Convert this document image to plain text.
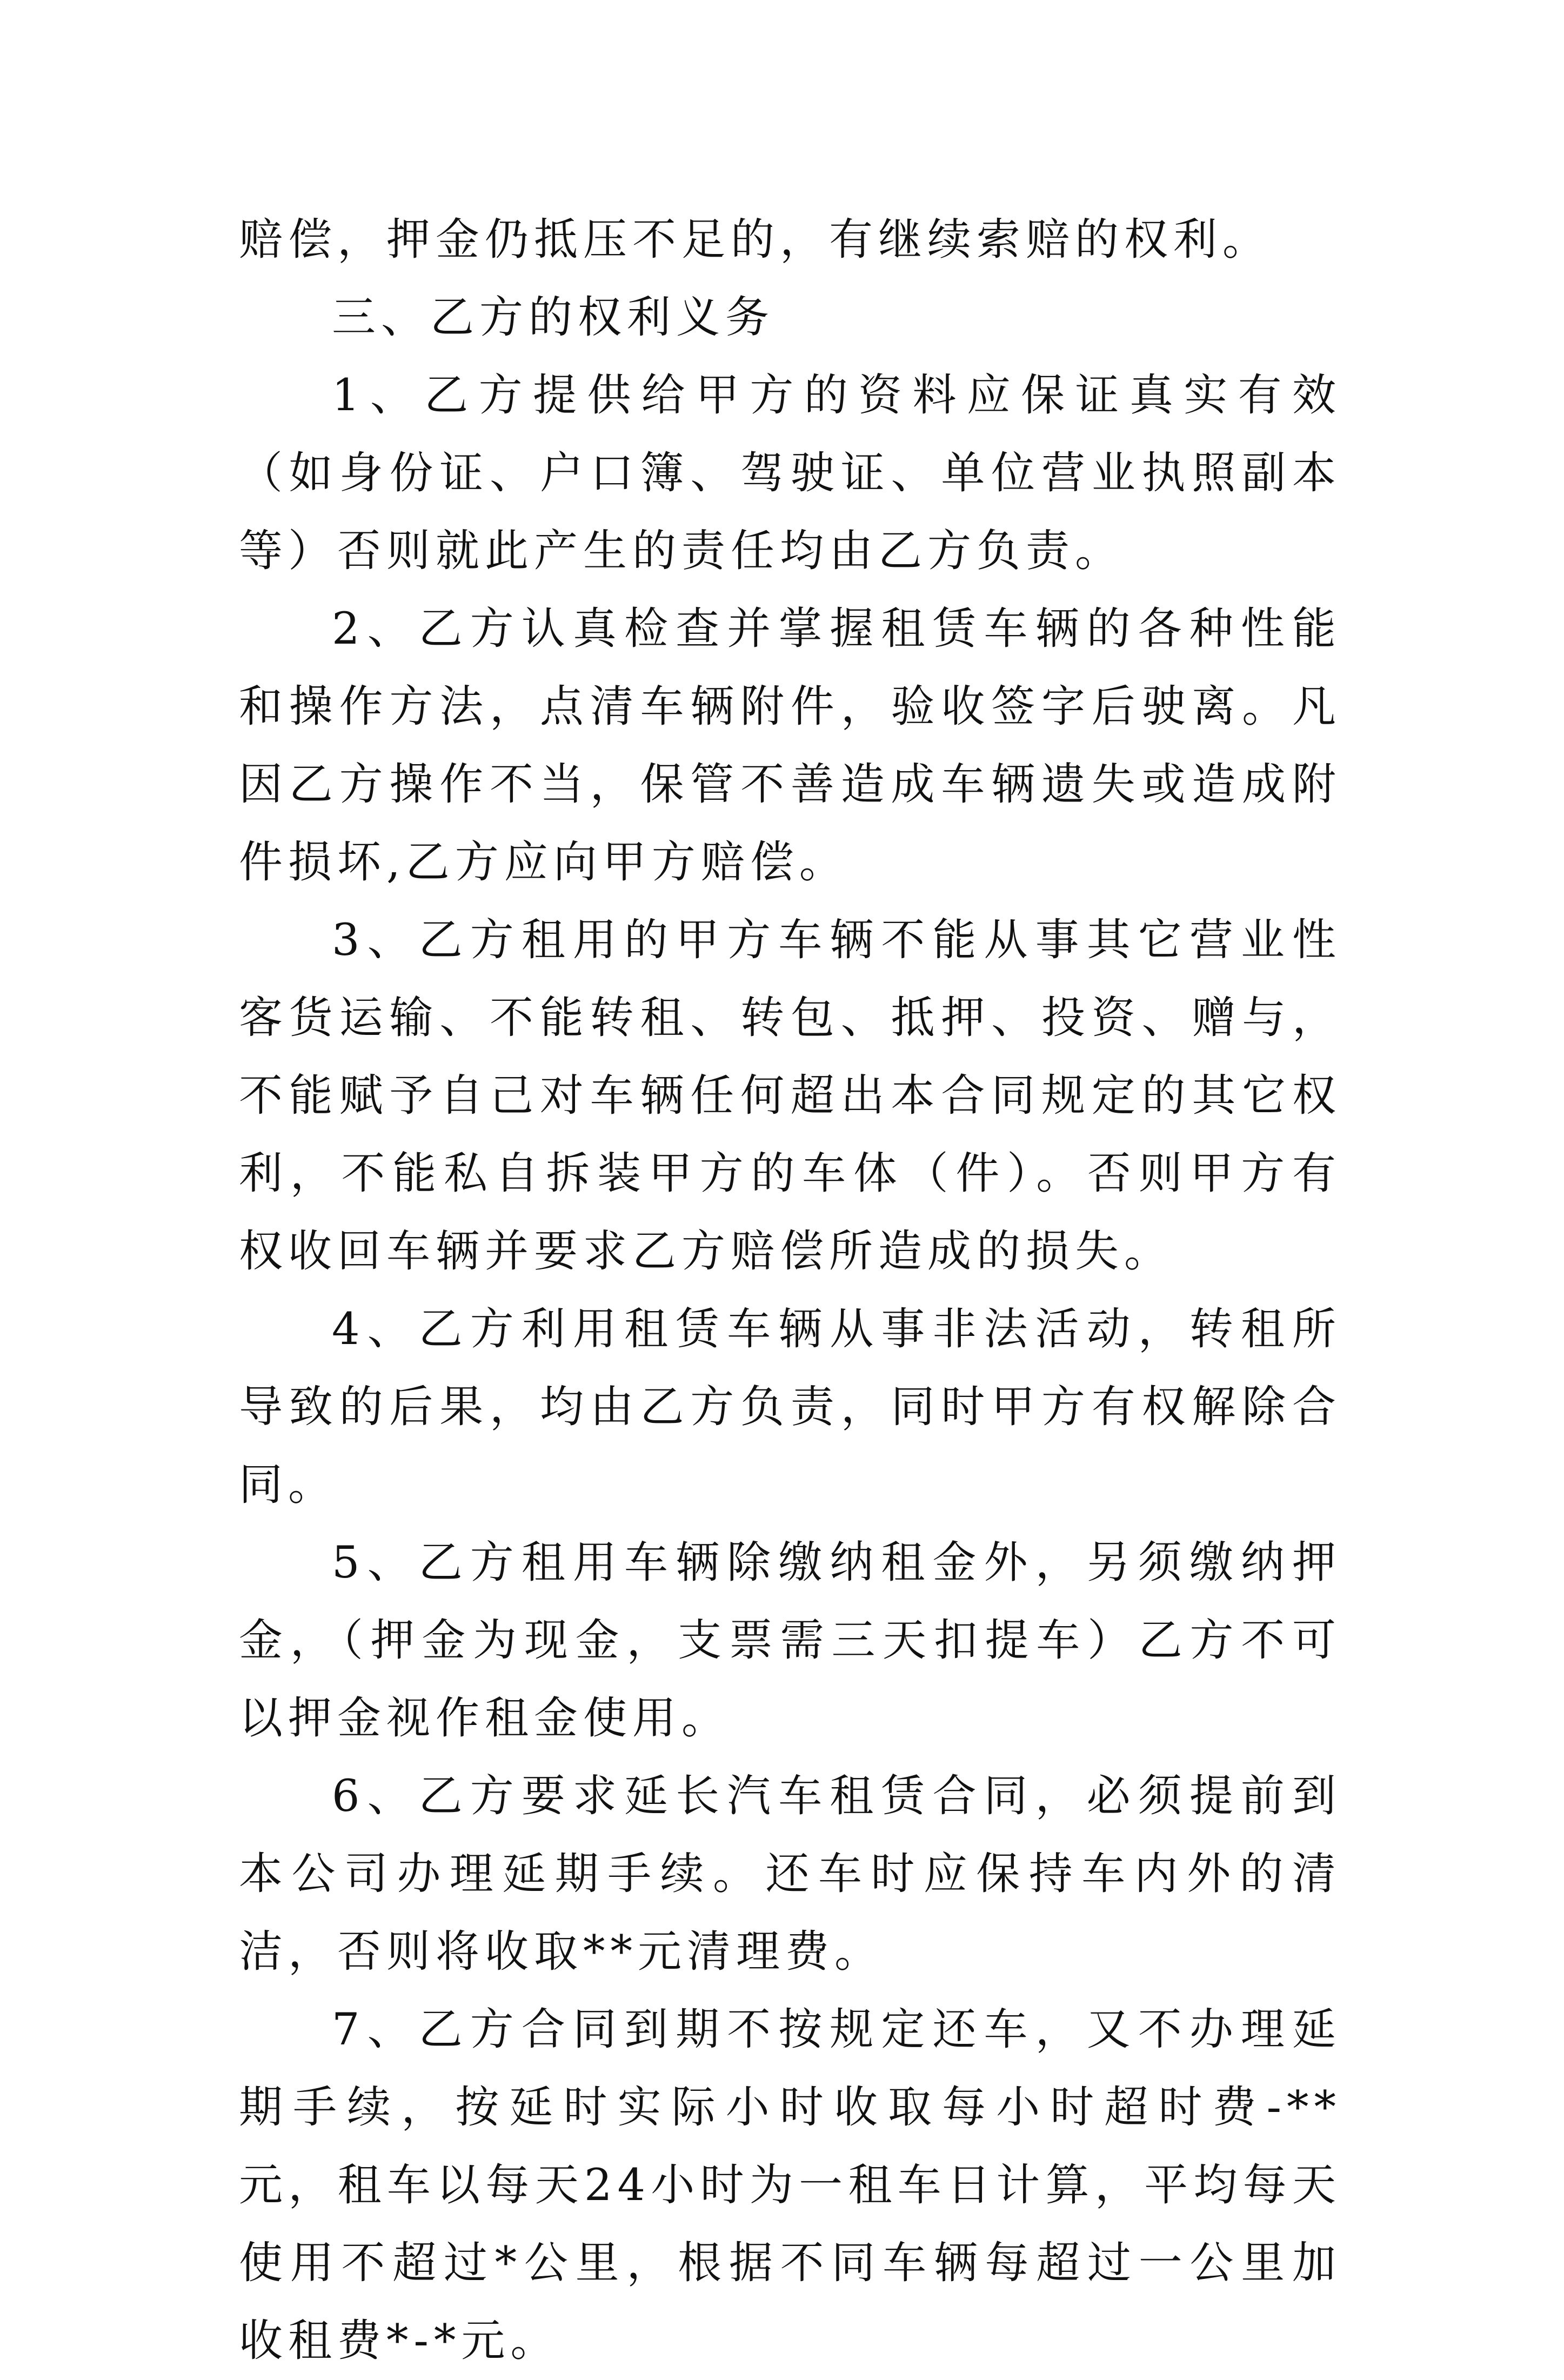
赔偿，押金仍抵压不足的，有继续索赔的权利。

三、乙方的权利义务

1、乙方提供给甲方的资料应保证真实有效（如身份证、户口簿、驾驶证、单位营业执照副本等）否则就此产生的责任均由乙方负责。

2、乙方认真检查并掌握租赁车辆的各种性能和操作方法，点清车辆附件，验收签字后驶离。凡因乙方操作不当，保管不善造成车辆遗失或造成附件损坏,乙方应向甲方赔偿。

3、乙方租用的甲方车辆不能从事其它营业性客货运输、不能转租、转包、抵押、投资、赠与，不能赋予自己对车辆任何超出本合同规定的其它权利，不能私自拆装甲方的车体（件）。否则甲方有权收回车辆并要求乙方赔偿所造成的损失。

4、乙方利用租赁车辆从事非法活动，转租所导致的后果，均由乙方负责，同时甲方有权解除合同。

5、乙方租用车辆除缴纳租金外，另须缴纳押金，（押金为现金，支票需三天扣提车）乙方不可以押金视作租金使用。

6、乙方要求延长汽车租赁合同，必须提前到本公司办理延期手续。还车时应保持车内外的清洁，否则将收取**元清理费。

7、乙方合同到期不按规定还车，又不办理延期手续，按延时实际小时收取每小时超时费-**元，租车以每天24小时为一租车日计算，平均每天使用不超过*公里，根据不同车辆每超过一公里加收租费*-*元。
